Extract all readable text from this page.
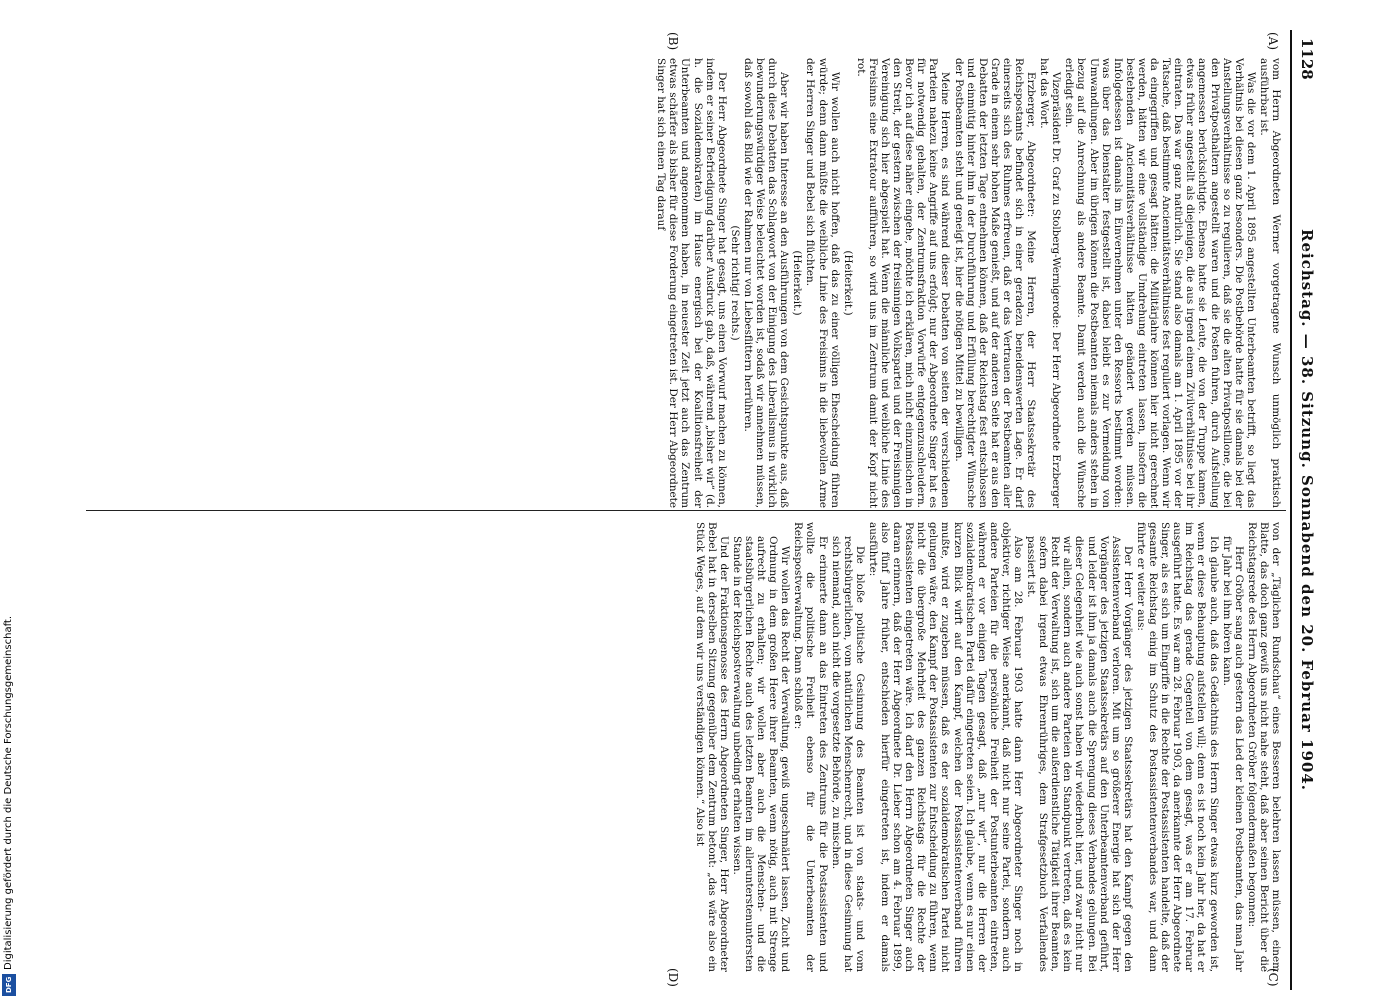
1128
Reichstag. — 38. Sitzung. Sonnabend den 20. Februar 1904.
(A)
(B)
(C)
(D)

vom Herrn Abgeordneten Werner vorgetragene Wunsch unmöglich praktisch ausführbar ist.

Was die vor dem 1. April 1895 angestellten Unterbeamten betrifft, so liegt das Verhältnis bei diesen ganz besonders. Die Postbehörde hatte für sie damals bei der Anstellungsverhältnisse so zu regulieren, daß sie die alten Privatpostillone, die bei den Privatposthaltern angestellt waren und die Posten fuhren, durch Aufstellung angemessen berücksichtigte. Ebenso hatte sie Leute, die von der Truppe kamen, etwas früher angestellt als diejenigen, die aus irgend einem Zivilverhältnisse bei ihr eintraten. Das war ganz natürlich. Sie stand also damals am 1. April 1895 vor der Tatsache, daß bestimmte Anciennitätsverhältnisse fest reguliert vorlagen. Wenn wir da eingegriffen und gesagt hätten: die Militärjahre können hier nicht gerechnet werden, hätten wir eine vollständige Umdrehung eintreten lassen, insofern die bestehenden Anciennitätsverhältnisse hätten geändert werden müssen. Infolgedessen ist damals im Einvernehmen unter den Ressorts bestimmt worden: was über das Dienstalter festgestellt ist, dabei bleibt es zur Vermeidung von Umwandlungen. Aber im übrigen können die Postbeamten niemals anders stehen in bezug auf die Anrechnung als andere Beamte. Damit werden auch die Wünsche erledigt sein.

Vizepräsident Dr. Graf zu Stolberg-Wernigerode: Der Herr Abgeordnete Erzberger hat das Wort.

Erzberger, Abgeordneter: Meine Herren, der Herr Staatssekretär des Reichspostamts befindet sich in einer geradezu beneidenswerten Lage. Er darf einerseits sich des Ruhmes erfreuen, daß er das Vertrauen der Postbeamten aller Grade in einem sehr hohen Maße genießt, und auf der anderen Seite hat er aus den Debatten der letzten Tage entnehmen können, daß der Reichstag fest entschlossen und einmütig hinter ihm in der Durchführung und Erfüllung berechtigter Wünsche der Postbeamten steht und geneigt ist, hier die nötigen Mittel zu bewilligen.

Meine Herren, es sind während dieser Debatten von seiten der verschiedenen Parteien nahezu keine Angriffe auf uns erfolgt; nur der Abgeordnete Singer hat es für notwendig gehalten, der Zentrumsfraktion Vorwürfe entgegenzuschleudern. Bevor ich auf diese näher eingehe, möchte ich erklären, mich nicht einzumischen in den Streit, der gestern zwischen der freisinnigen Volkspartei und der Freisinnigen Vereinigung sich hier abgespielt hat. Wenn die männliche und weibliche Linie des Freisinns eine Extratour aufführen, so wird uns im Zentrum damit der Kopf nicht rot.

(Heiterkeit.)

Wir wollen auch nicht hoffen, daß das zu einer völligen Ehescheidung führen würde; denn dann müßte die weibliche Linie des Freisinns in die liebevollen Arme der Herren Singer und Bebel sich flüchten.

(Heiterkeit.)

Aber wir haben Interesse an den Ausführungen von dem Gesichtspunkte aus, daß durch diese Debatten das Schlagwort von der Einigung des Liberalismus in wirklich bewunderungswürdiger Weise beleuchtet worden ist, sodaß wir annehmen müssen, daß sowohl das Bild wie der Rahmen nur von Liebesflittern herrühren.

(Sehr richtig! rechts.)

Der Herr Abgeordnete Singer hat gesagt, uns einen Vorwurf machen zu können, indem er seiner Befriedigung darüber Ausdruck gab, daß, während „bisher wir“ (d. h. die Sozialdemokraten) im Hause energisch bei der Koalitionsfreiheit der Unterbeamten und angenommen haben, in neuester Zeit jetzt auch das Zentrum etwas schärfer als bisher für diese Forderung eingetreten ist. Der Herr Abgeordnete Singer hat sich einen Tag darauf

von der „Täglichen Rundschau“ eines Besseren belehren lassen müssen, einem Blatte, das doch ganz gewiß uns nicht nahe steht, daß aber seinen Bericht über die Reichstagsrede des Herrn Abgeordneten Gröber folgendermaßen begonnen:

Herr Gröber sang auch gestern das Lied der kleinen Postbeamten, das man Jahr für Jahr bei ihm hören kann.

Ich glaube auch, daß das Gedächtnis des Herrn Singer etwas kurz geworden ist, wenn er diese Behauptung aufstellen will; denn es ist noch kein Jahr her, da hat er im Reichstag das gerade Gegenteil von dem gesagt, was er am 17. Februar ausgeführt hatte. Es war am 28. Februar 1903, da anerkannte der Herr Abgeordnete Singer, als es sich um Eingriffe in die Rechte der Postassistenten handelte, daß der gesamte Reichstag einig im Schutz des Postassistentenverbandes war, und dann führte er weiter aus:

Der Herr Vorgänger des jetzigen Staatssekretärs hat den Kampf gegen den Assistentenverband verloren. Mit um so größerer Energie hat sich der Herr Vorgänger des jetzigen Staatssekretärs auf den Unterbeamtenverband geführt, und leider ist ihm ja damals auch die Sprengung dieses Verbandes gelungen. Bei dieser Gelegenheit wie auch sonst haben wir wiederholt hier, und zwar nicht nur wir allein, sondern auch andere Parteien den Standpunkt vertreten, daß es kein Recht der Verwaltung ist, sich um die außerdienstliche Tätigkeit ihrer Beamten, sofern dabei irgend etwas Ehrenrühriges, dem Strafgesetzbuch Verfallendes passiert ist.

Also am 28. Februar 1903 hatte dann Herr Abgeordneter Singer noch in objektiver, richtiger Weise anerkannt, daß nicht nur seine Partei, sondern auch andere Parteien für die persönliche Freiheit der Postunterbeamten eintreten, während er vor einigen Tagen gesagt, daß „nur wir“, nur die Herren der sozialdemokratischen Partei dafür eingetreten seien. Ich glaube, wenn es nur einen kurzen Blick wirft auf den Kampf, welchen der Postassistentenverband führen mußte, wird er zugeben müssen, daß es der sozialdemokratischen Partei nicht gelungen wäre, den Kampf der Postassistenten zur Entscheidung zu führen, wenn nicht die übergroße Mehrheit des ganzen Reichstags für die Rechte der Postassistenten eingetreten wäre. Ich darf den Herrn Abgeordneten Singer auch daran erinnern, daß der Herr Abgeordnete Dr. Lieber schon am 4. Februar 1899, also fünf Jahre früher, entschieden hierfür eingetreten ist, indem er damals ausführte:

Die bloße politische Gesinnung des Beamten ist von staats- und vom rechtsbürgerlichen, vom natürlichen Menschenrecht, und in diese Gesinnung hat sich niemand, auch nicht die vorgesetzte Behörde, zu mischen.

Er erinnerte dann an das Eintreten des Zentrums für die Postassistenten und wollte die politische Freiheit ebenso für die Unterbeamten der Reichspostverwaltung. Dann schloß er:

Wir wollen das Recht der Verwaltung, gewiß ungeschmälert lassen, Zucht und Ordnung in dem großen Heere ihrer Beamten, wenn nötig, auch mit Strenge aufrecht zu erhalten; wir wollen aber auch die Menschen- und die staatsbürgerlichen Rechte auch des letzten Beamten im allerunterstenuntersten Stande in der Reichspostverwaltung unbedingt erhalten wissen.

Und der Fraktionsgenosse des Herrn Abgeordneten Singer, Herr Abgeordneter Bebel hat in derselben Sitzung gegenüber dem Zentrum betont: „das wäre also ein Stück Weges, auf dem wir uns verständigen können.“ Also ist

Digitalisierung gefördert durch die Deutsche Forschungsgemeinschaft.
DFG
